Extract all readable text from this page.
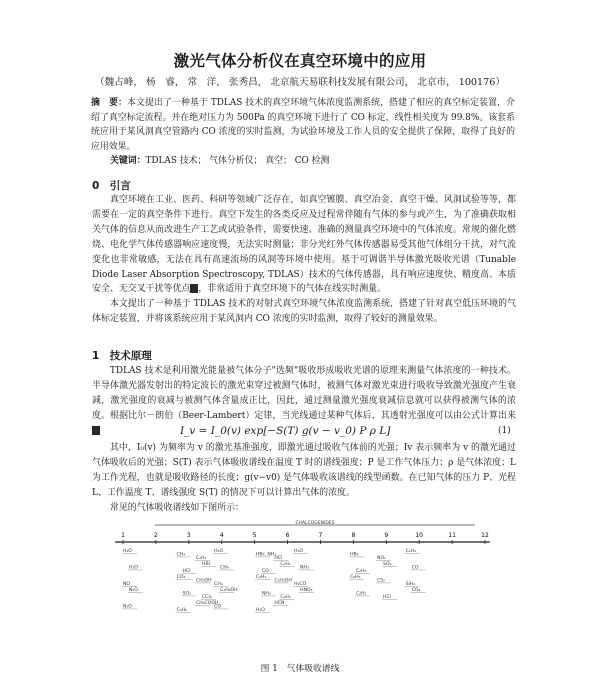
激光气体分析仪在真空环境中的应用
（魏占峰， 杨　睿， 常　洋， 张秀昌， 北京航天易联科技发展有限公司， 北京市， 100176）
摘　要：本文提出了一种基于 TDLAS 技术的真空环境气体浓度监测系统，搭建了相应的真空标定装置，介绍了真空标定流程。并在绝对压力为 500Pa 的真空环境下进行了 CO 标定，线性相关度为 99.8%。该套系统应用于某风洞真空管路内 CO 浓度的实时监测，为试验环境及工作人员的安全提供了保障，取得了良好的应用效果。
关键词：TDLAS 技术； 气体分析仪； 真空； CO 检测
0　引言

真空环境在工业、医药、科研等领域广泛存在，如真空镀膜、真空冶金、真空干燥、风洞试验等等，都需要在一定的真空条件下进行。真空下发生的各类反应及过程常伴随有气体的参与或产生，为了准确获取相关气体的信息从而改进生产工艺或试验条件，需要快速、准确的测量真空环境中的气体浓度。常规的催化燃烧、电化学气体传感器响应速度慢，无法实时测量；非分光红外气体传感器易受其他气体组分干扰，对气流变化也非常敏感，无法在具有高速流场的风洞等环境中使用。基于可调谐半导体激光吸收光谱（Tunable Diode Laser Absorption Spectroscopy, TDLAS）技术的气体传感器，具有响应速度快、精度高、本质安全、无交叉干扰等优点 ，非常适用于真空环境下的气体在线实时测量。

本文提出了一种基于 TDLAS 技术的对射式真空环境气体浓度监测系统，搭建了针对真空低压环境的气体标定装置，并将该系统应用于某风洞内 CO 浓度的实时监测，取得了较好的测量效果。

1　技术原理

TDLAS 技术是利用激光能量被气体分子"选频"吸收形成吸收光谱的原理来测量气体浓度的一种技术。半导体激光器发射出的特定波长的激光束穿过被测气体时，被测气体对激光束进行吸收导致激光强度产生衰减，激光强度的衰减与被测气体含量成正比，因此，通过测量激光强度衰减信息就可以获得被测气体的浓度。根据比尔－朗伯（Beer-Lambert）定律，当光线通过某种气体后，其透射光强度可以由公式计算出来

I_v = I_0(v) exp[−S(T) g(v − v_0) P ρ L]	(1)

其中，I₀(v) 为频率为 v 的激光基准强度，即激光通过吸收气体前的光强；Iv 表示频率为 v 的激光通过气体吸收后的光强；S(T) 表示气体吸收谱线在温度 T 时的谱线强度；P 是工作气体压力；ρ 是气体浓度；L 为工作光程，也就是吸收路径的长度；g(v−v0) 是气体吸收该谱线的线型函数。在已知气体的压力 P、光程 L、工作温度 T、谱线强度 S(T) 的情况下可以计算出气体的浓度。

常见的气体吸收谱线如下图所示：

CHALCOGENIDES
1	2	3	4	5	6	7	8	9	10	11	12
H₂O
CH₄
C₂H₂
H₂O
HBr, NH₃
HCl
H₂O
HBr
NO₂
C₂H₄
H₂O
HCl
HBr
CH₄
CO
C₂H₂
NH₃
C₂H₆
SO₂
CO
NO
CO₂
CH₃OH
CH₄
C₂H₄
C₂H₅OH
H₂CO
C₆H₆
CS₂
SiH₄
N₂O
SO₂
CCl₄
C₂H₅OH
NH₃
C₂H₄
HNO₃
C₂H₂
HCl
CO₂
N₂O
C₆H₆
CH₃COOH
CO
H₂O
HCN
图 1　气体吸收谱线
